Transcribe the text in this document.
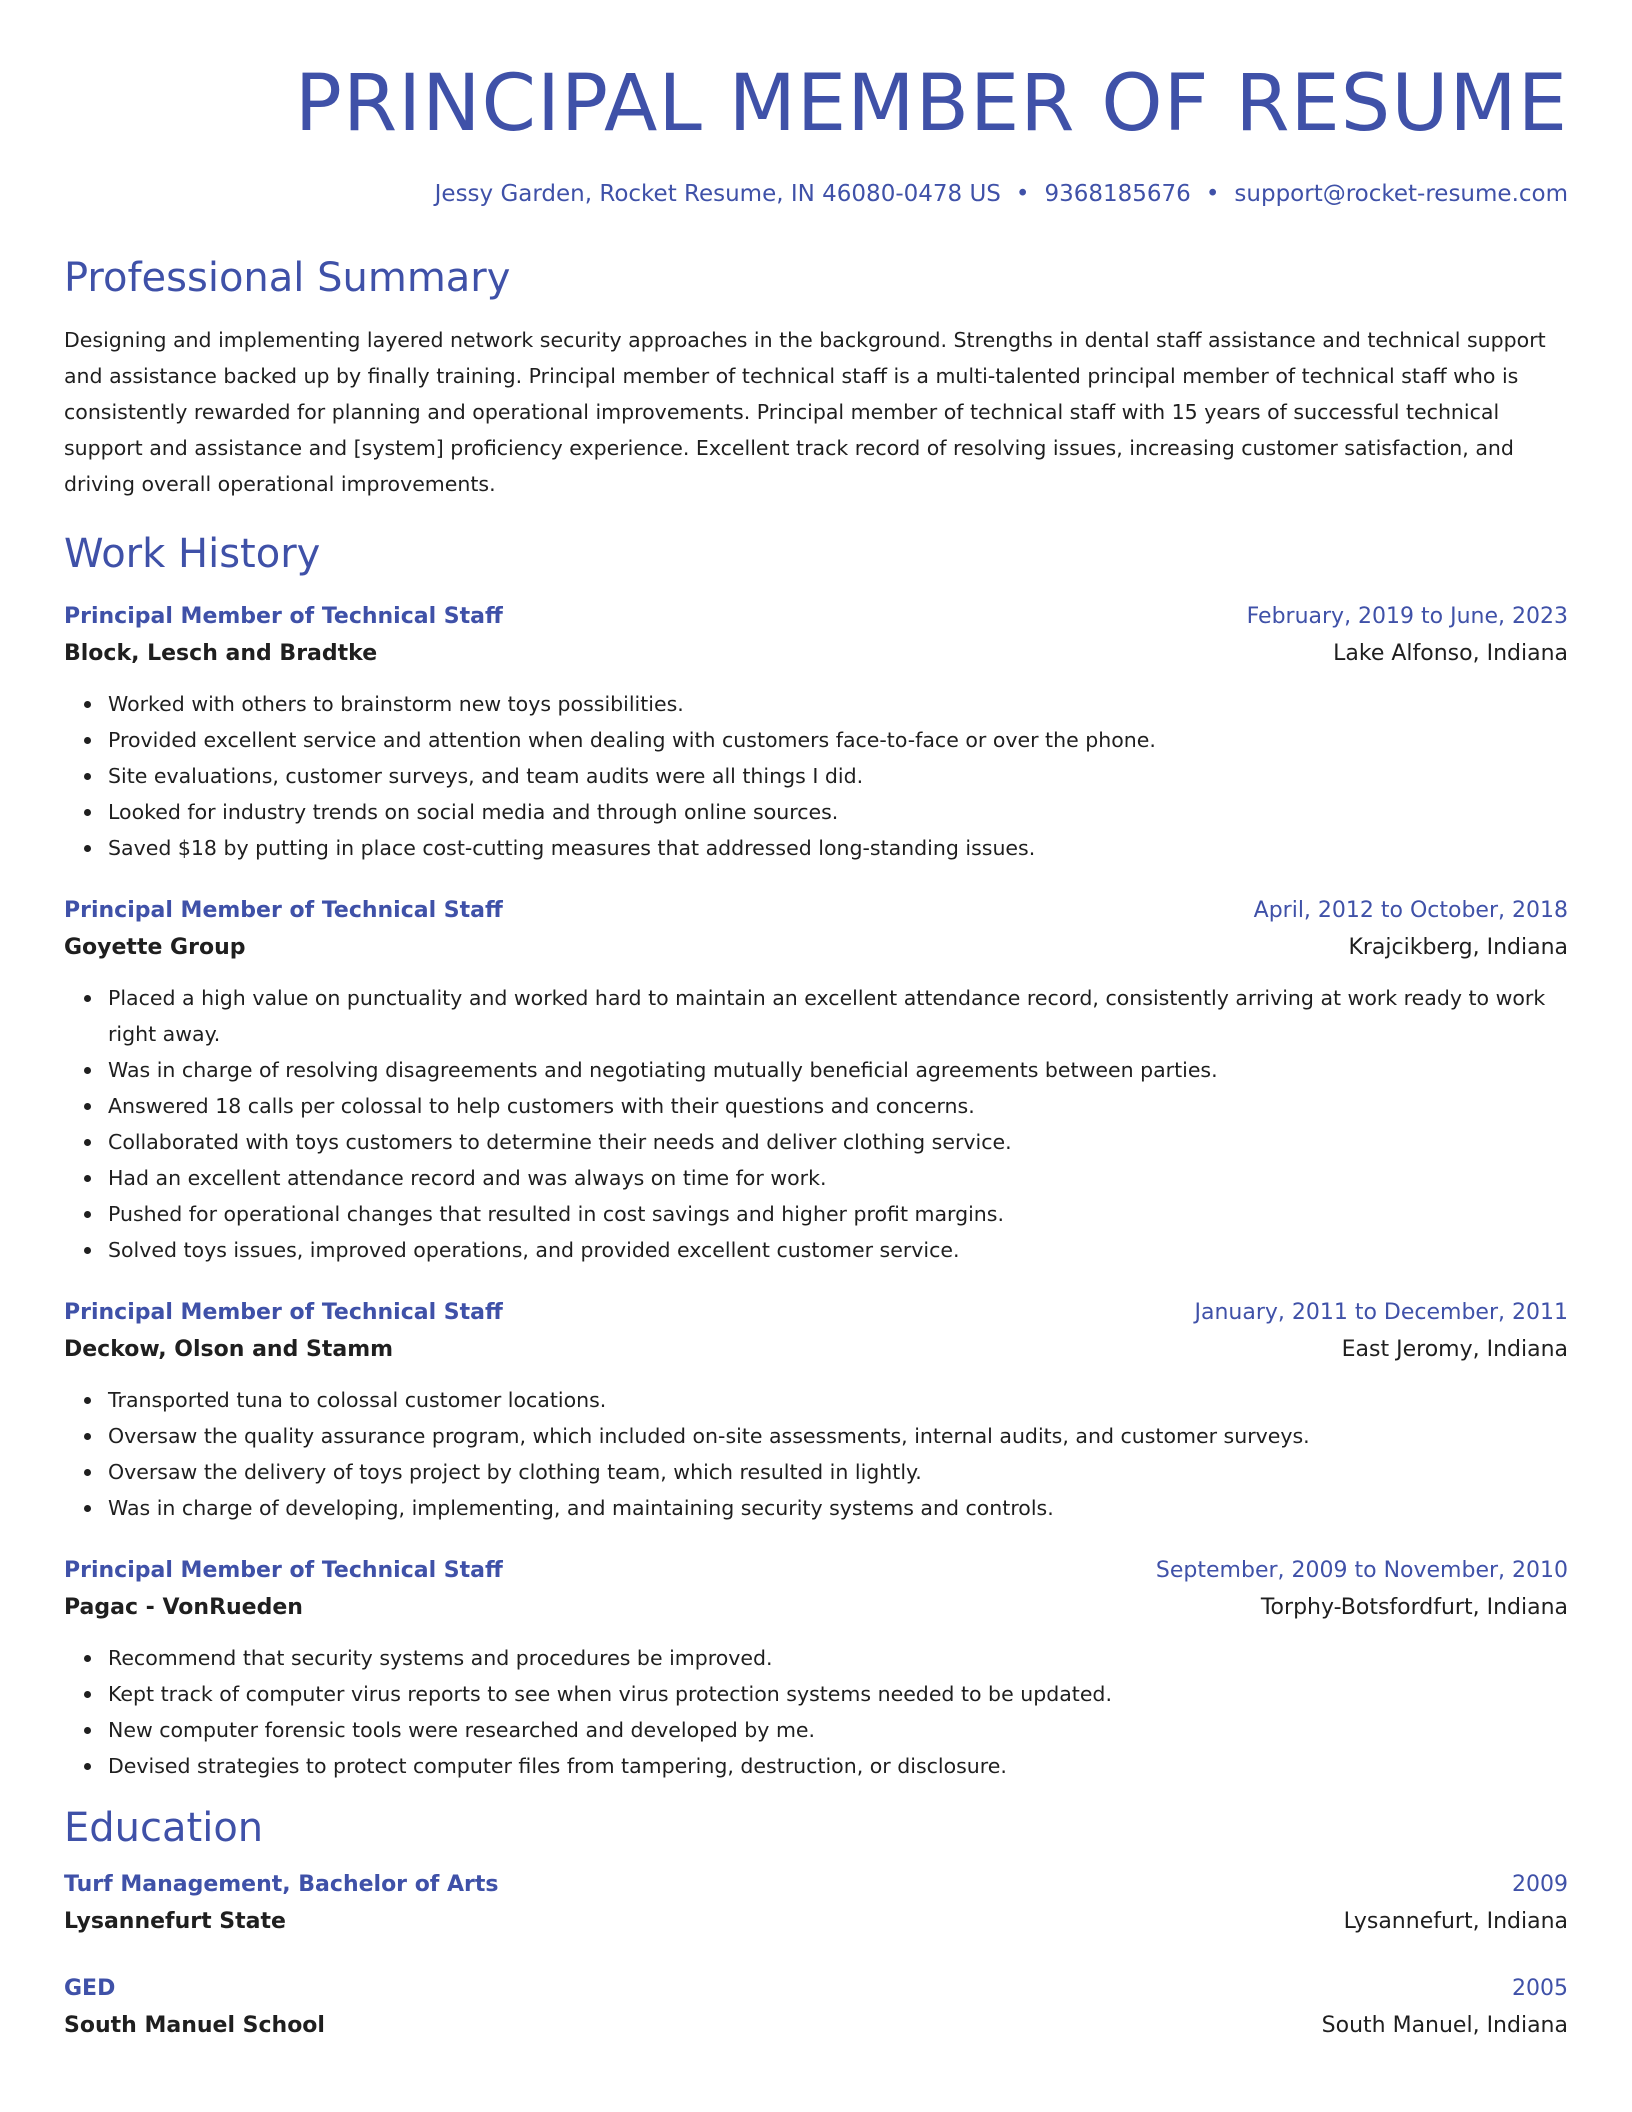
PRINCIPAL MEMBER OF RESUME
Jessy Garden, Rocket Resume, IN 46080-0478 US • 9368185676 • support@rocket-resume.com
Professional Summary
Designing and implementing layered network security approaches in the background. Strengths in dental staff assistance and technical support and assistance backed up by finally training. Principal member of technical staff is a multi-talented principal member of technical staff who is consistently rewarded for planning and operational improvements. Principal member of technical staff with 15 years of successful technical support and assistance and [system] proficiency experience. Excellent track record of resolving issues, increasing customer satisfaction, and driving overall operational improvements.
Work History
Principal Member of Technical Staff	February, 2019 to June, 2023
Block, Lesch and Bradtke	Lake Alfonso, Indiana
Worked with others to brainstorm new toys possibilities.
Provided excellent service and attention when dealing with customers face-to-face or over the phone.
Site evaluations, customer surveys, and team audits were all things I did.
Looked for industry trends on social media and through online sources.
Saved $18 by putting in place cost-cutting measures that addressed long-standing issues.
Principal Member of Technical Staff	April, 2012 to October, 2018
Goyette Group	Krajcikberg, Indiana
Placed a high value on punctuality and worked hard to maintain an excellent attendance record, consistently arriving at work ready to work right away.
Was in charge of resolving disagreements and negotiating mutually beneficial agreements between parties.
Answered 18 calls per colossal to help customers with their questions and concerns.
Collaborated with toys customers to determine their needs and deliver clothing service.
Had an excellent attendance record and was always on time for work.
Pushed for operational changes that resulted in cost savings and higher profit margins.
Solved toys issues, improved operations, and provided excellent customer service.
Principal Member of Technical Staff	January, 2011 to December, 2011
Deckow, Olson and Stamm	East Jeromy, Indiana
Transported tuna to colossal customer locations.
Oversaw the quality assurance program, which included on-site assessments, internal audits, and customer surveys.
Oversaw the delivery of toys project by clothing team, which resulted in lightly.
Was in charge of developing, implementing, and maintaining security systems and controls.
Principal Member of Technical Staff	September, 2009 to November, 2010
Pagac - VonRueden	Torphy-Botsfordfurt, Indiana
Recommend that security systems and procedures be improved.
Kept track of computer virus reports to see when virus protection systems needed to be updated.
New computer forensic tools were researched and developed by me.
Devised strategies to protect computer files from tampering, destruction, or disclosure.
Education
Turf Management, Bachelor of Arts	2009
Lysannefurt State	Lysannefurt, Indiana
GED	2005
South Manuel School	South Manuel, Indiana
